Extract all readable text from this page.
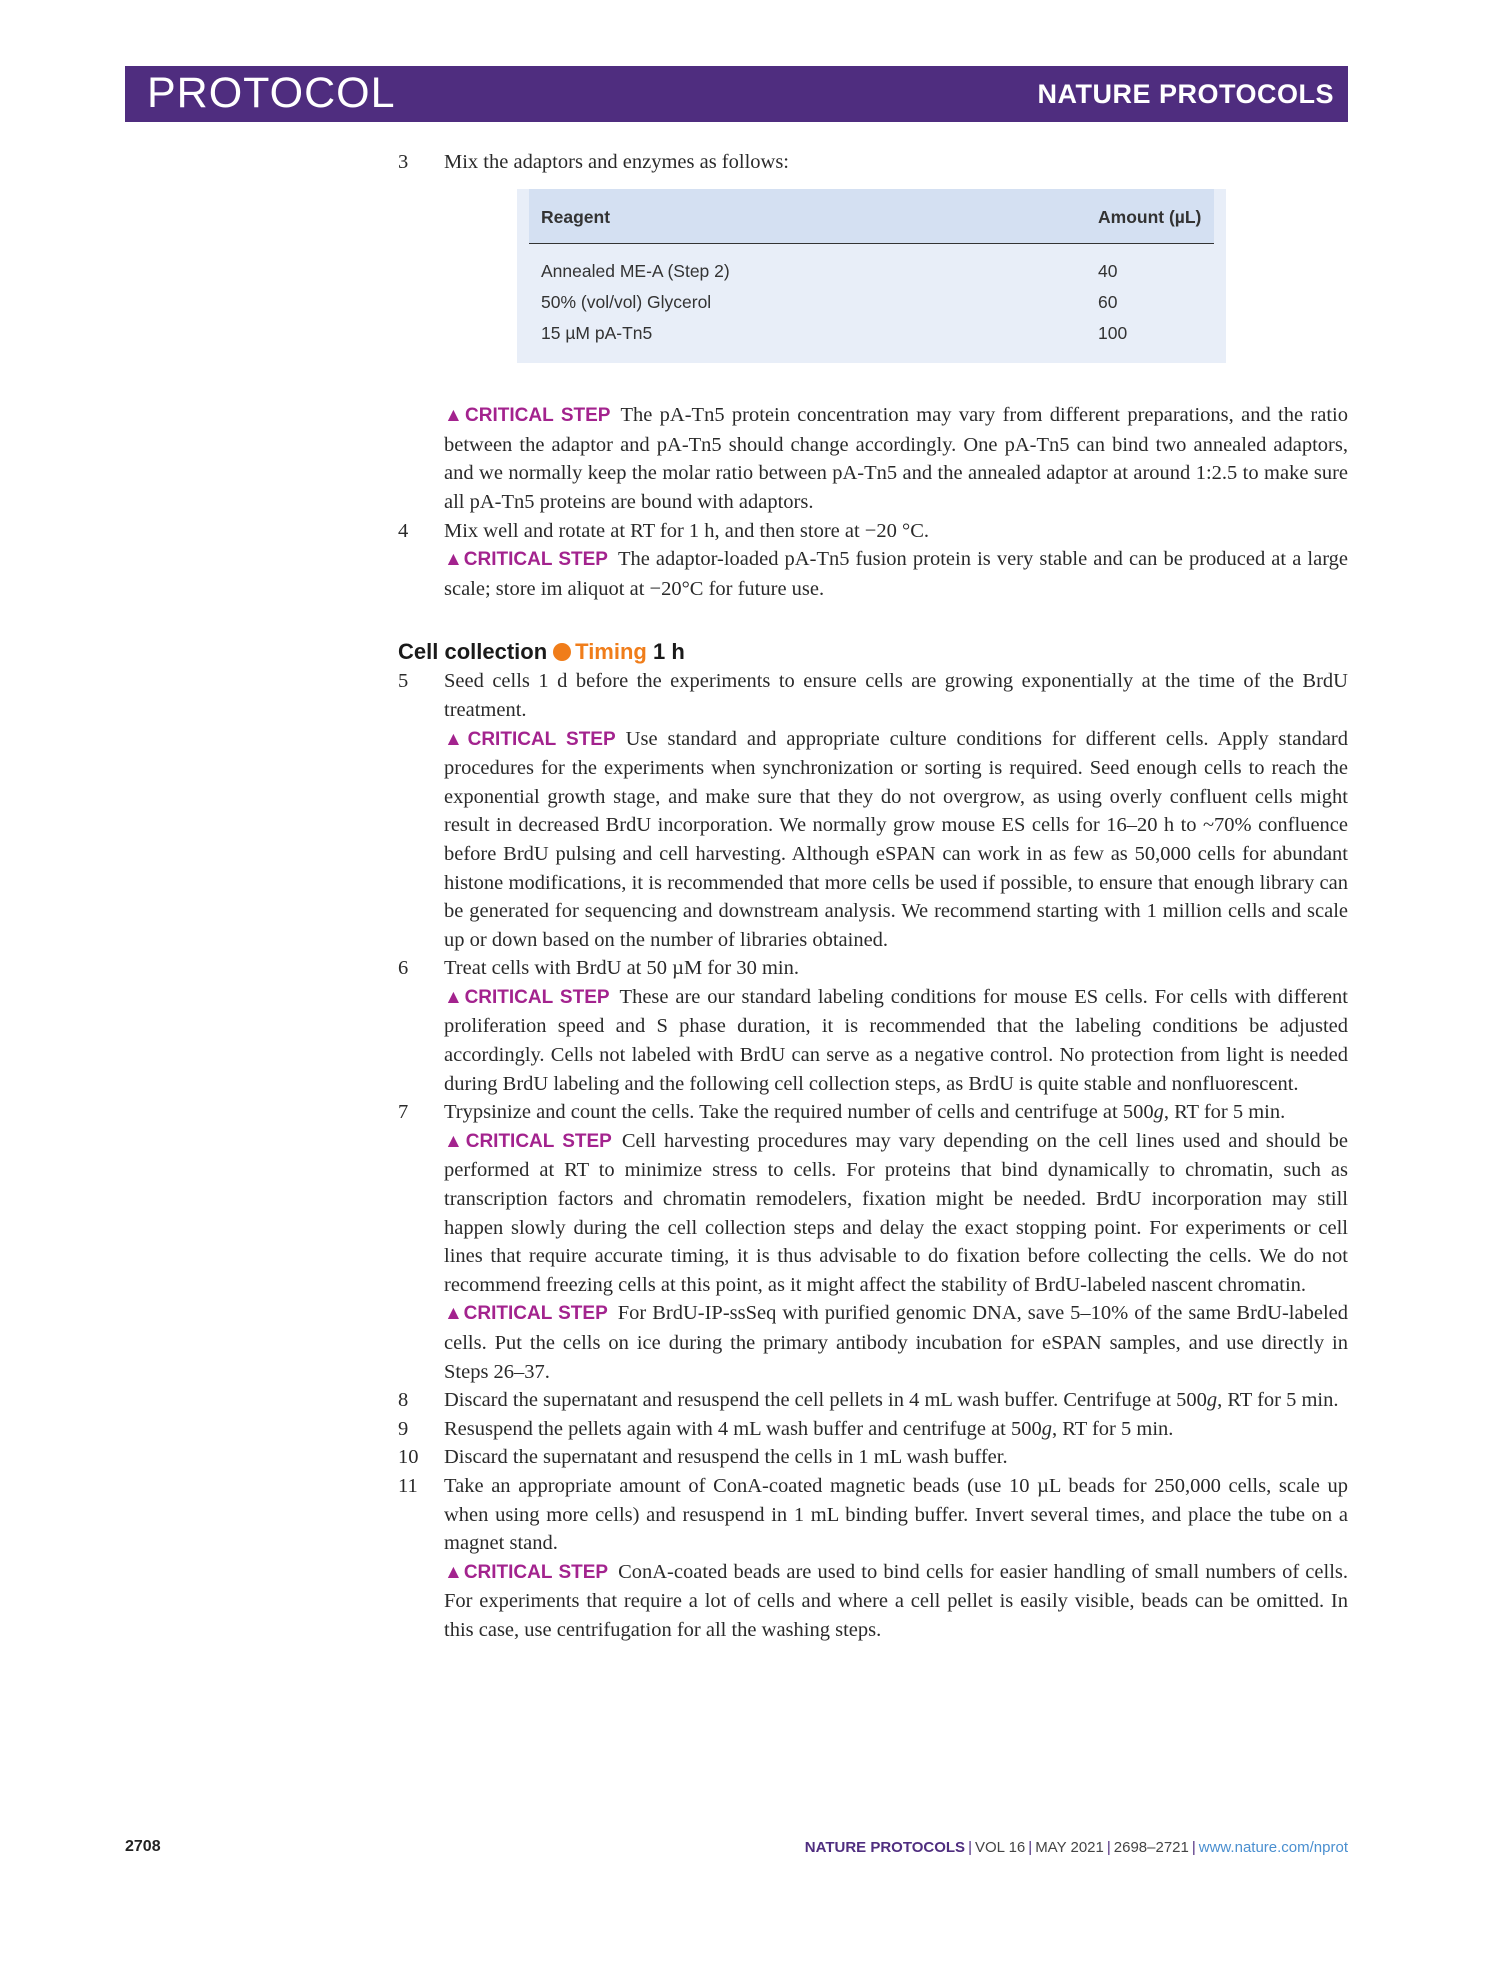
PROTOCOL	NATURE PROTOCOLS
3	Mix the adaptors and enzymes as follows:
Reagent	Amount (µL)
Annealed ME-A (Step 2)	40
50% (vol/vol) Glycerol	60
15 µM pA-Tn5	100
▲CRITICAL STEP The pA-Tn5 protein concentration may vary from different preparations, and the ratio between the adaptor and pA-Tn5 should change accordingly. One pA-Tn5 can bind two annealed adaptors, and we normally keep the molar ratio between pA-Tn5 and the annealed adaptor at around 1:2.5 to make sure all pA-Tn5 proteins are bound with adaptors.
4	Mix well and rotate at RT for 1 h, and then store at −20 °C.
▲CRITICAL STEP The adaptor-loaded pA-Tn5 fusion protein is very stable and can be produced at a large scale; store im aliquot at −20°C for future use.
Cell collection Timing 1 h
5	Seed cells 1 d before the experiments to ensure cells are growing exponentially at the time of the BrdU treatment.
▲CRITICAL STEP Use standard and appropriate culture conditions for different cells. Apply standard procedures for the experiments when synchronization or sorting is required. Seed enough cells to reach the exponential growth stage, and make sure that they do not overgrow, as using overly confluent cells might result in decreased BrdU incorporation. We normally grow mouse ES cells for 16–20 h to ~70% confluence before BrdU pulsing and cell harvesting. Although eSPAN can work in as few as 50,000 cells for abundant histone modifications, it is recommended that more cells be used if possible, to ensure that enough library can be generated for sequencing and downstream analysis. We recommend starting with 1 million cells and scale up or down based on the number of libraries obtained.
6	Treat cells with BrdU at 50 µM for 30 min.
▲CRITICAL STEP These are our standard labeling conditions for mouse ES cells. For cells with different proliferation speed and S phase duration, it is recommended that the labeling conditions be adjusted accordingly. Cells not labeled with BrdU can serve as a negative control. No protection from light is needed during BrdU labeling and the following cell collection steps, as BrdU is quite stable and nonfluorescent.
7	Trypsinize and count the cells. Take the required number of cells and centrifuge at 500g, RT for 5 min.
▲CRITICAL STEP Cell harvesting procedures may vary depending on the cell lines used and should be performed at RT to minimize stress to cells. For proteins that bind dynamically to chromatin, such as transcription factors and chromatin remodelers, fixation might be needed. BrdU incorporation may still happen slowly during the cell collection steps and delay the exact stopping point. For experiments or cell lines that require accurate timing, it is thus advisable to do fixation before collecting the cells. We do not recommend freezing cells at this point, as it might affect the stability of BrdU-labeled nascent chromatin.
▲CRITICAL STEP For BrdU-IP-ssSeq with purified genomic DNA, save 5–10% of the same BrdU-labeled cells. Put the cells on ice during the primary antibody incubation for eSPAN samples, and use directly in Steps 26–37.
8	Discard the supernatant and resuspend the cell pellets in 4 mL wash buffer. Centrifuge at 500g, RT for 5 min.
9	Resuspend the pellets again with 4 mL wash buffer and centrifuge at 500g, RT for 5 min.
10	Discard the supernatant and resuspend the cells in 1 mL wash buffer.
11	Take an appropriate amount of ConA-coated magnetic beads (use 10 µL beads for 250,000 cells, scale up when using more cells) and resuspend in 1 mL binding buffer. Invert several times, and place the tube on a magnet stand.
▲CRITICAL STEP ConA-coated beads are used to bind cells for easier handling of small numbers of cells. For experiments that require a lot of cells and where a cell pellet is easily visible, beads can be omitted. In this case, use centrifugation for all the washing steps.
2708	NATURE PROTOCOLS | VOL 16 | MAY 2021 | 2698–2721 | www.nature.com/nprot
